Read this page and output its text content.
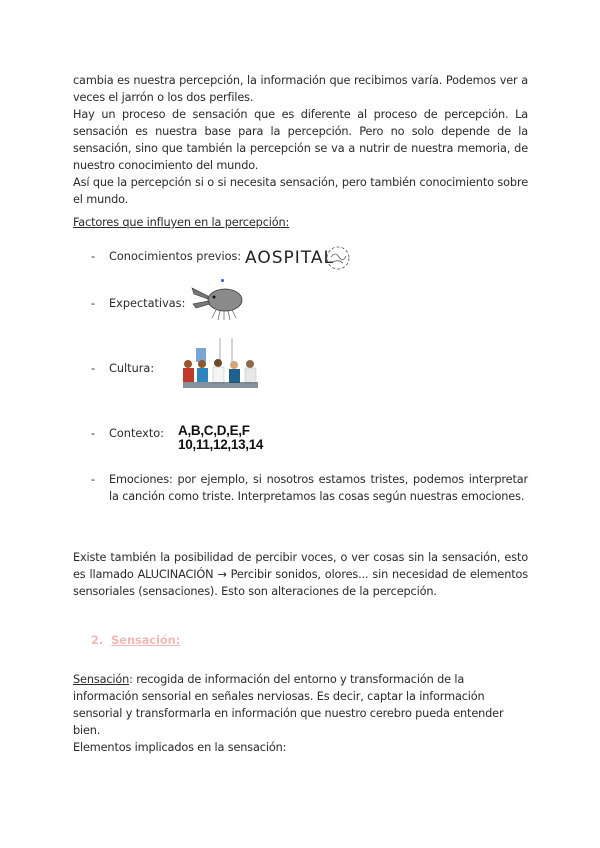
cambia es nuestra percepción, la información que recibimos varía. Podemos ver a veces el jarrón o los dos perfiles.
Hay un proceso de sensación que es diferente al proceso de percepción. La sensación es nuestra base para la percepción. Pero no solo depende de la sensación, sino que también la percepción se va a nutrir de nuestra memoria, de nuestro conocimiento del mundo.
Así que la percepción si o si necesita sensación, pero también conocimiento sobre el mundo.
Factores que influyen en la percepción:
- Conocimientos previos: AOSPITAL
- Expectativas:
- Cultura:
- Contexto: A,B,C,D,E,F
10,11,12,13,14
- Emociones: por ejemplo, si nosotros estamos tristes, podemos interpretar la canción como triste. Interpretamos las cosas según nuestras emociones.
Existe también la posibilidad de percibir voces, o ver cosas sin la sensación, esto es llamado ALUCINACIÓN → Percibir sonidos, olores... sin necesidad de elementos sensoriales (sensaciones). Esto son alteraciones de la percepción.
2. Sensación:
Sensación: recogida de información del entorno y transformación de la información sensorial en señales nerviosas. Es decir, captar la información sensorial y transformarla en información que nuestro cerebro pueda entender bien.
Elementos implicados en la sensación:
